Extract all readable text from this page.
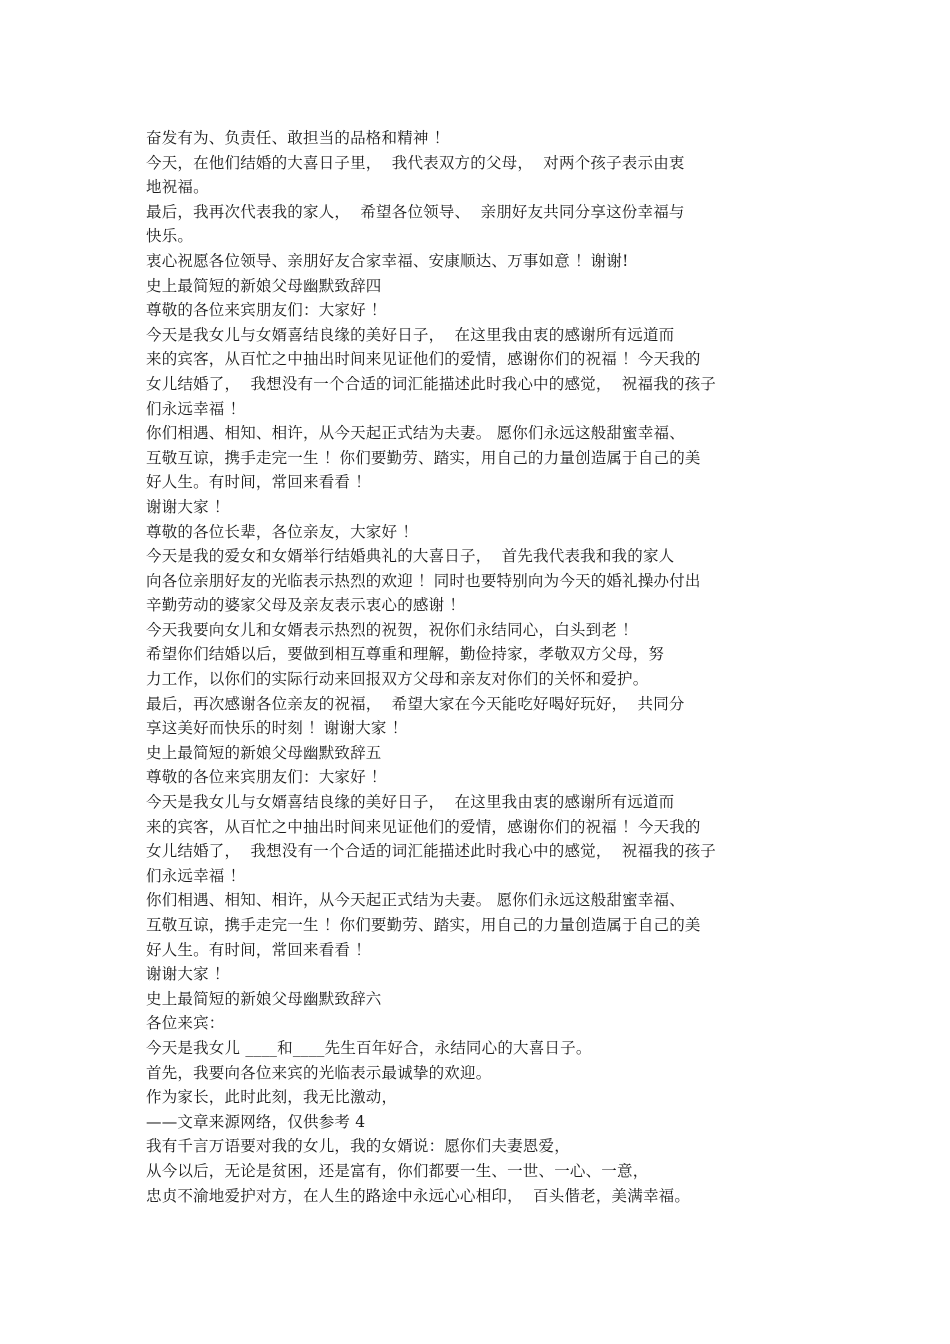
奋发有为、负责任、敢担当的品格和精神 ！
今天，在他们结婚的大喜日子里，  我代表双方的父母，  对两个孩子表示由衷
地祝福。
最后，我再次代表我的家人，  希望各位领导、  亲朋好友共同分享这份幸福与
快乐。
衷心祝愿各位领导、亲朋好友合家幸福、安康顺达、万事如意 ！谢谢!
史上最简短的新娘父母幽默致辞四
尊敬的各位来宾朋友们：大家好 ！
今天是我女儿与女婿喜结良缘的美好日子，  在这里我由衷的感谢所有远道而
来的宾客，从百忙之中抽出时间来见证他们的爱情，感谢你们的祝福 ！今天我的
女儿结婚了，  我想没有一个合适的词汇能描述此时我心中的感觉，  祝福我的孩子
们永远幸福 ！
你们相遇、相知、相许，从今天起正式结为夫妻。 愿你们永远这般甜蜜幸福、
互敬互谅，携手走完一生 ！你们要勤劳、踏实，用自己的力量创造属于自己的美
好人生。有时间，常回来看看 ！
谢谢大家 ！
尊敬的各位长辈，各位亲友，大家好 ！
今天是我的爱女和女婿举行结婚典礼的大喜日子，  首先我代表我和我的家人
向各位亲朋好友的光临表示热烈的欢迎 ！同时也要特别向为今天的婚礼操办付出
辛勤劳动的婆家父母及亲友表示衷心的感谢 ！
今天我要向女儿和女婿表示热烈的祝贺，祝你们永结同心，白头到老 ！
希望你们结婚以后，要做到相互尊重和理解，勤俭持家，孝敬双方父母，努
力工作，以你们的实际行动来回报双方父母和亲友对你们的关怀和爱护。
最后，再次感谢各位亲友的祝福，  希望大家在今天能吃好喝好玩好，  共同分
享这美好而快乐的时刻 ！谢谢大家 ！
史上最简短的新娘父母幽默致辞五
尊敬的各位来宾朋友们：大家好 ！
今天是我女儿与女婿喜结良缘的美好日子，  在这里我由衷的感谢所有远道而
来的宾客，从百忙之中抽出时间来见证他们的爱情，感谢你们的祝福 ！今天我的
女儿结婚了，  我想没有一个合适的词汇能描述此时我心中的感觉，  祝福我的孩子
们永远幸福 ！
你们相遇、相知、相许，从今天起正式结为夫妻。 愿你们永远这般甜蜜幸福、
互敬互谅，携手走完一生 ！你们要勤劳、踏实，用自己的力量创造属于自己的美
好人生。有时间，常回来看看 ！
谢谢大家 ！
史上最简短的新娘父母幽默致辞六
各位来宾：
今天是我女儿 ____和____先生百年好合，永结同心的大喜日子。
首先，我要向各位来宾的光临表示最诚挚的欢迎。
作为家长，此时此刻，我无比激动，
——文章来源网络，仅供参考 4
我有千言万语要对我的女儿，我的女婿说：愿你们夫妻恩爱，
从今以后，无论是贫困，还是富有，你们都要一生、一世、一心、一意，
忠贞不渝地爱护对方，在人生的路途中永远心心相印，  百头偕老，美满幸福。
